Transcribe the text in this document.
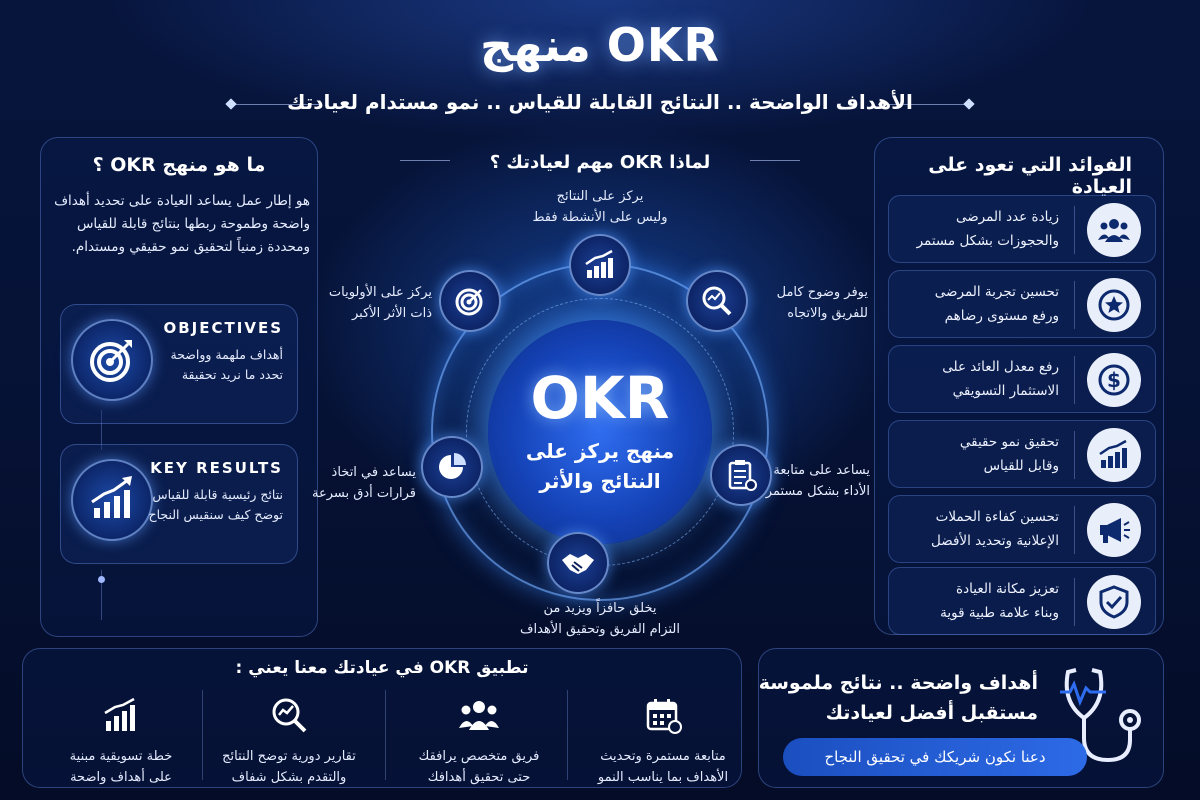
منهج OKR
الأهداف الواضحة .. النتائج القابلة للقياس .. نمو مستدام لعيادتك
ما هو منهج OKR ؟
هو إطار عمل يساعد العيادة على تحديد أهداف واضحة وطموحة ربطها بنتائج قابلة للقياس ومحددة زمنياً لتحقيق نمو حقيقي ومستدام.
OBJECTIVES
أهداف ملهمة وواضحة تحدد ما نريد تحقيقة
KEY RESULTS
نتائج رئيسية قابلة للقياس توضح كيف سنقيس النجاح
لماذا OKR مهم لعيادتك ؟
OKR
منهج يركز على
النتائج والأثر
يركز على النتائج
وليس على الأنشطة فقط
يوفر وضوح كامل
للفريق والاتجاه
يساعد على متابعة
الأداء بشكل مستمر
يخلق حافزاً ويزيد من
التزام الفريق وتحقيق الأهداف
يساعد في اتخاذ
قرارات أدق بسرعة
يركز على الأولويات
ذات الأثر الأكبر
الفوائد التي تعود على العيادة
زيادة عدد المرضى
والحجوزات بشكل مستمر
تحسين تجربة المرضى
ورفع مستوى رضاهم
رفع معدل العائد على
الاستثمار التسويقي $
تحقيق نمو حقيقي
وقابل للقياس
تحسين كفاءة الحملات
الإعلانية وتحديد الأفضل
تعزيز مكانة العيادة
وبناء علامة طبية قوية
تطبيق OKR في عيادتك معنا يعني :
متابعة مستمرة وتحديث
الأهداف بما يناسب النمو
فريق متخصص يرافقك
حتى تحقيق أهدافك
تقارير دورية توضح النتائج
والتقدم بشكل شفاف
خطة تسويقية مبنية
على أهداف واضحة
أهداف واضحة .. نتائج ملموسة
مستقبل أفضل لعيادتك
دعنا نكون شريكك في تحقيق النجاح
